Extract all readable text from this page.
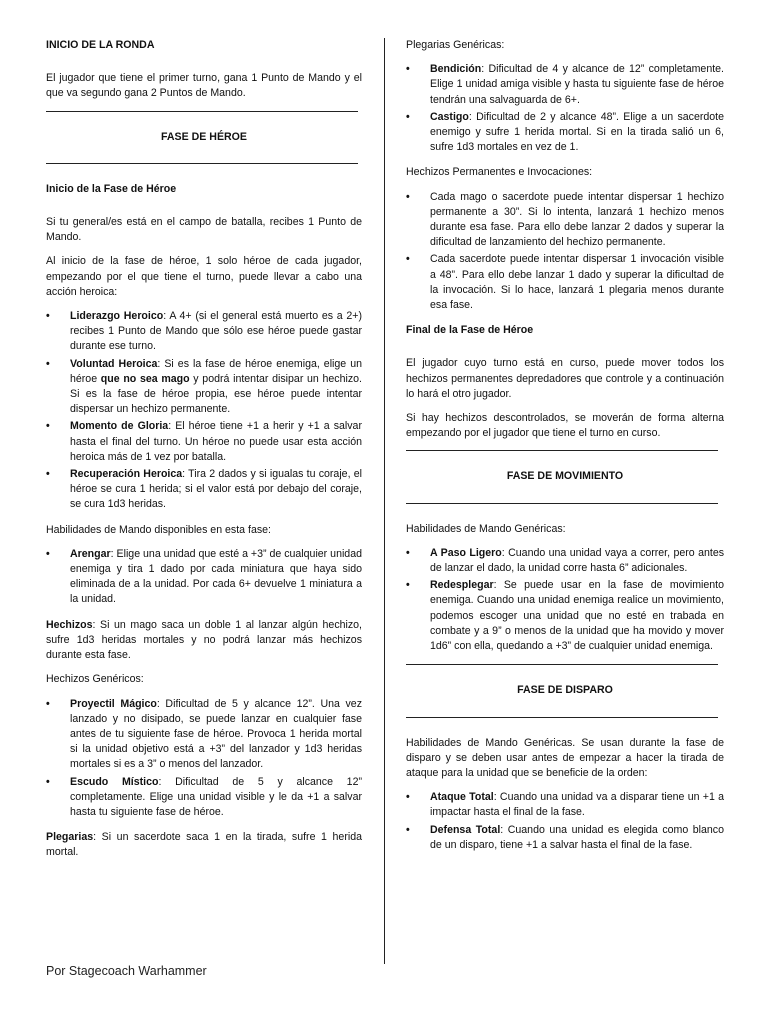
INICIO DE LA RONDA

El jugador que tiene el primer turno, gana 1 Punto de Mando y el que va segundo gana 2 Puntos de Mando.

FASE DE HÉROE

Inicio de la Fase de Héroe

Si tu general/es está en el campo de batalla, recibes 1 Punto de Mando.

Al inicio de la fase de héroe, 1 solo héroe de cada jugador, empezando por el que tiene el turno, puede llevar a cabo una acción heroica:

• Liderazgo Heroico: A 4+ (si el general está muerto es a 2+) recibes 1 Punto de Mando que sólo ese héroe puede gastar durante ese turno.
• Voluntad Heroica: Si es la fase de héroe enemiga, elige un héroe que no sea mago y podrá intentar disipar un hechizo. Si es la fase de héroe propia, ese héroe puede intentar dispersar un hechizo permanente.
• Momento de Gloria: El héroe tiene +1 a herir y +1 a salvar hasta el final del turno. Un héroe no puede usar esta acción heroica más de 1 vez por batalla.
• Recuperación Heroica: Tira 2 dados y si igualas tu coraje, el héroe se cura 1 herida; si el valor está por debajo del coraje, se cura 1d3 heridas.

Habilidades de Mando disponibles en esta fase:

• Arengar: Elige una unidad que esté a +3” de cualquier unidad enemiga y tira 1 dado por cada miniatura que haya sido eliminada de a la unidad. Por cada 6+ devuelve 1 miniatura a la unidad.

Hechizos: Si un mago saca un doble 1 al lanzar algún hechizo, sufre 1d3 heridas mortales y no podrá lanzar más hechizos durante esta fase.

Hechizos Genéricos:

• Proyectil Mágico: Dificultad de 5 y alcance 12”. Una vez lanzado y no disipado, se puede lanzar en cualquier fase antes de tu siguiente fase de héroe. Provoca 1 herida mortal si la unidad objetivo está a +3” del lanzador y 1d3 heridas mortales si es a 3” o menos del lanzador.
• Escudo Místico: Dificultad de 5 y alcance 12” completamente. Elige una unidad visible y le da +1 a salvar hasta tu siguiente fase de héroe.

Plegarias: Si un sacerdote saca 1 en la tirada, sufre 1 herida mortal.

Plegarias Genéricas:

• Bendición: Dificultad de 4 y alcance de 12” completamente. Elige 1 unidad amiga visible y hasta tu siguiente fase de héroe tendrán una salvaguarda de 6+.
• Castigo: Dificultad de 2 y alcance 48”. Elige a un sacerdote enemigo y sufre 1 herida mortal. Si en la tirada salió un 6, sufre 1d3 mortales en vez de 1.

Hechizos Permanentes e Invocaciones:

• Cada mago o sacerdote puede intentar dispersar 1 hechizo permanente a 30”. Si lo intenta, lanzará 1 hechizo menos durante esa fase. Para ello debe lanzar 2 dados y superar la dificultad de lanzamiento del hechizo permanente.
• Cada sacerdote puede intentar dispersar 1 invocación visible a 48”. Para ello debe lanzar 1 dado y superar la dificultad de la invocación. Si lo hace, lanzará 1 plegaria menos durante esa fase.

Final de la Fase de Héroe

El jugador cuyo turno está en curso, puede mover todos los hechizos permanentes depredadores que controle y a continuación lo hará el otro jugador.

Si hay hechizos descontrolados, se moverán de forma alterna empezando por el jugador que tiene el turno en curso.

FASE DE MOVIMIENTO

Habilidades de Mando Genéricas:

• A Paso Ligero: Cuando una unidad vaya a correr, pero antes de lanzar el dado, la unidad corre hasta 6” adicionales.
• Redesplegar: Se puede usar en la fase de movimiento enemiga. Cuando una unidad enemiga realice un movimiento, podemos escoger una unidad que no esté en trabada en combate y a 9” o menos de la unidad que ha movido y mover 1d6” con ella, quedando a +3” de cualquier unidad enemiga.

FASE DE DISPARO

Habilidades de Mando Genéricas. Se usan durante la fase de disparo y se deben usar antes de empezar a hacer la tirada de ataque para la unidad que se beneficie de la orden:

• Ataque Total: Cuando una unidad va a disparar tiene un +1 a impactar hasta el final de la fase.
• Defensa Total: Cuando una unidad es elegida como blanco de un disparo, tiene +1 a salvar hasta el final de la fase.
Por Stagecoach Warhammer
